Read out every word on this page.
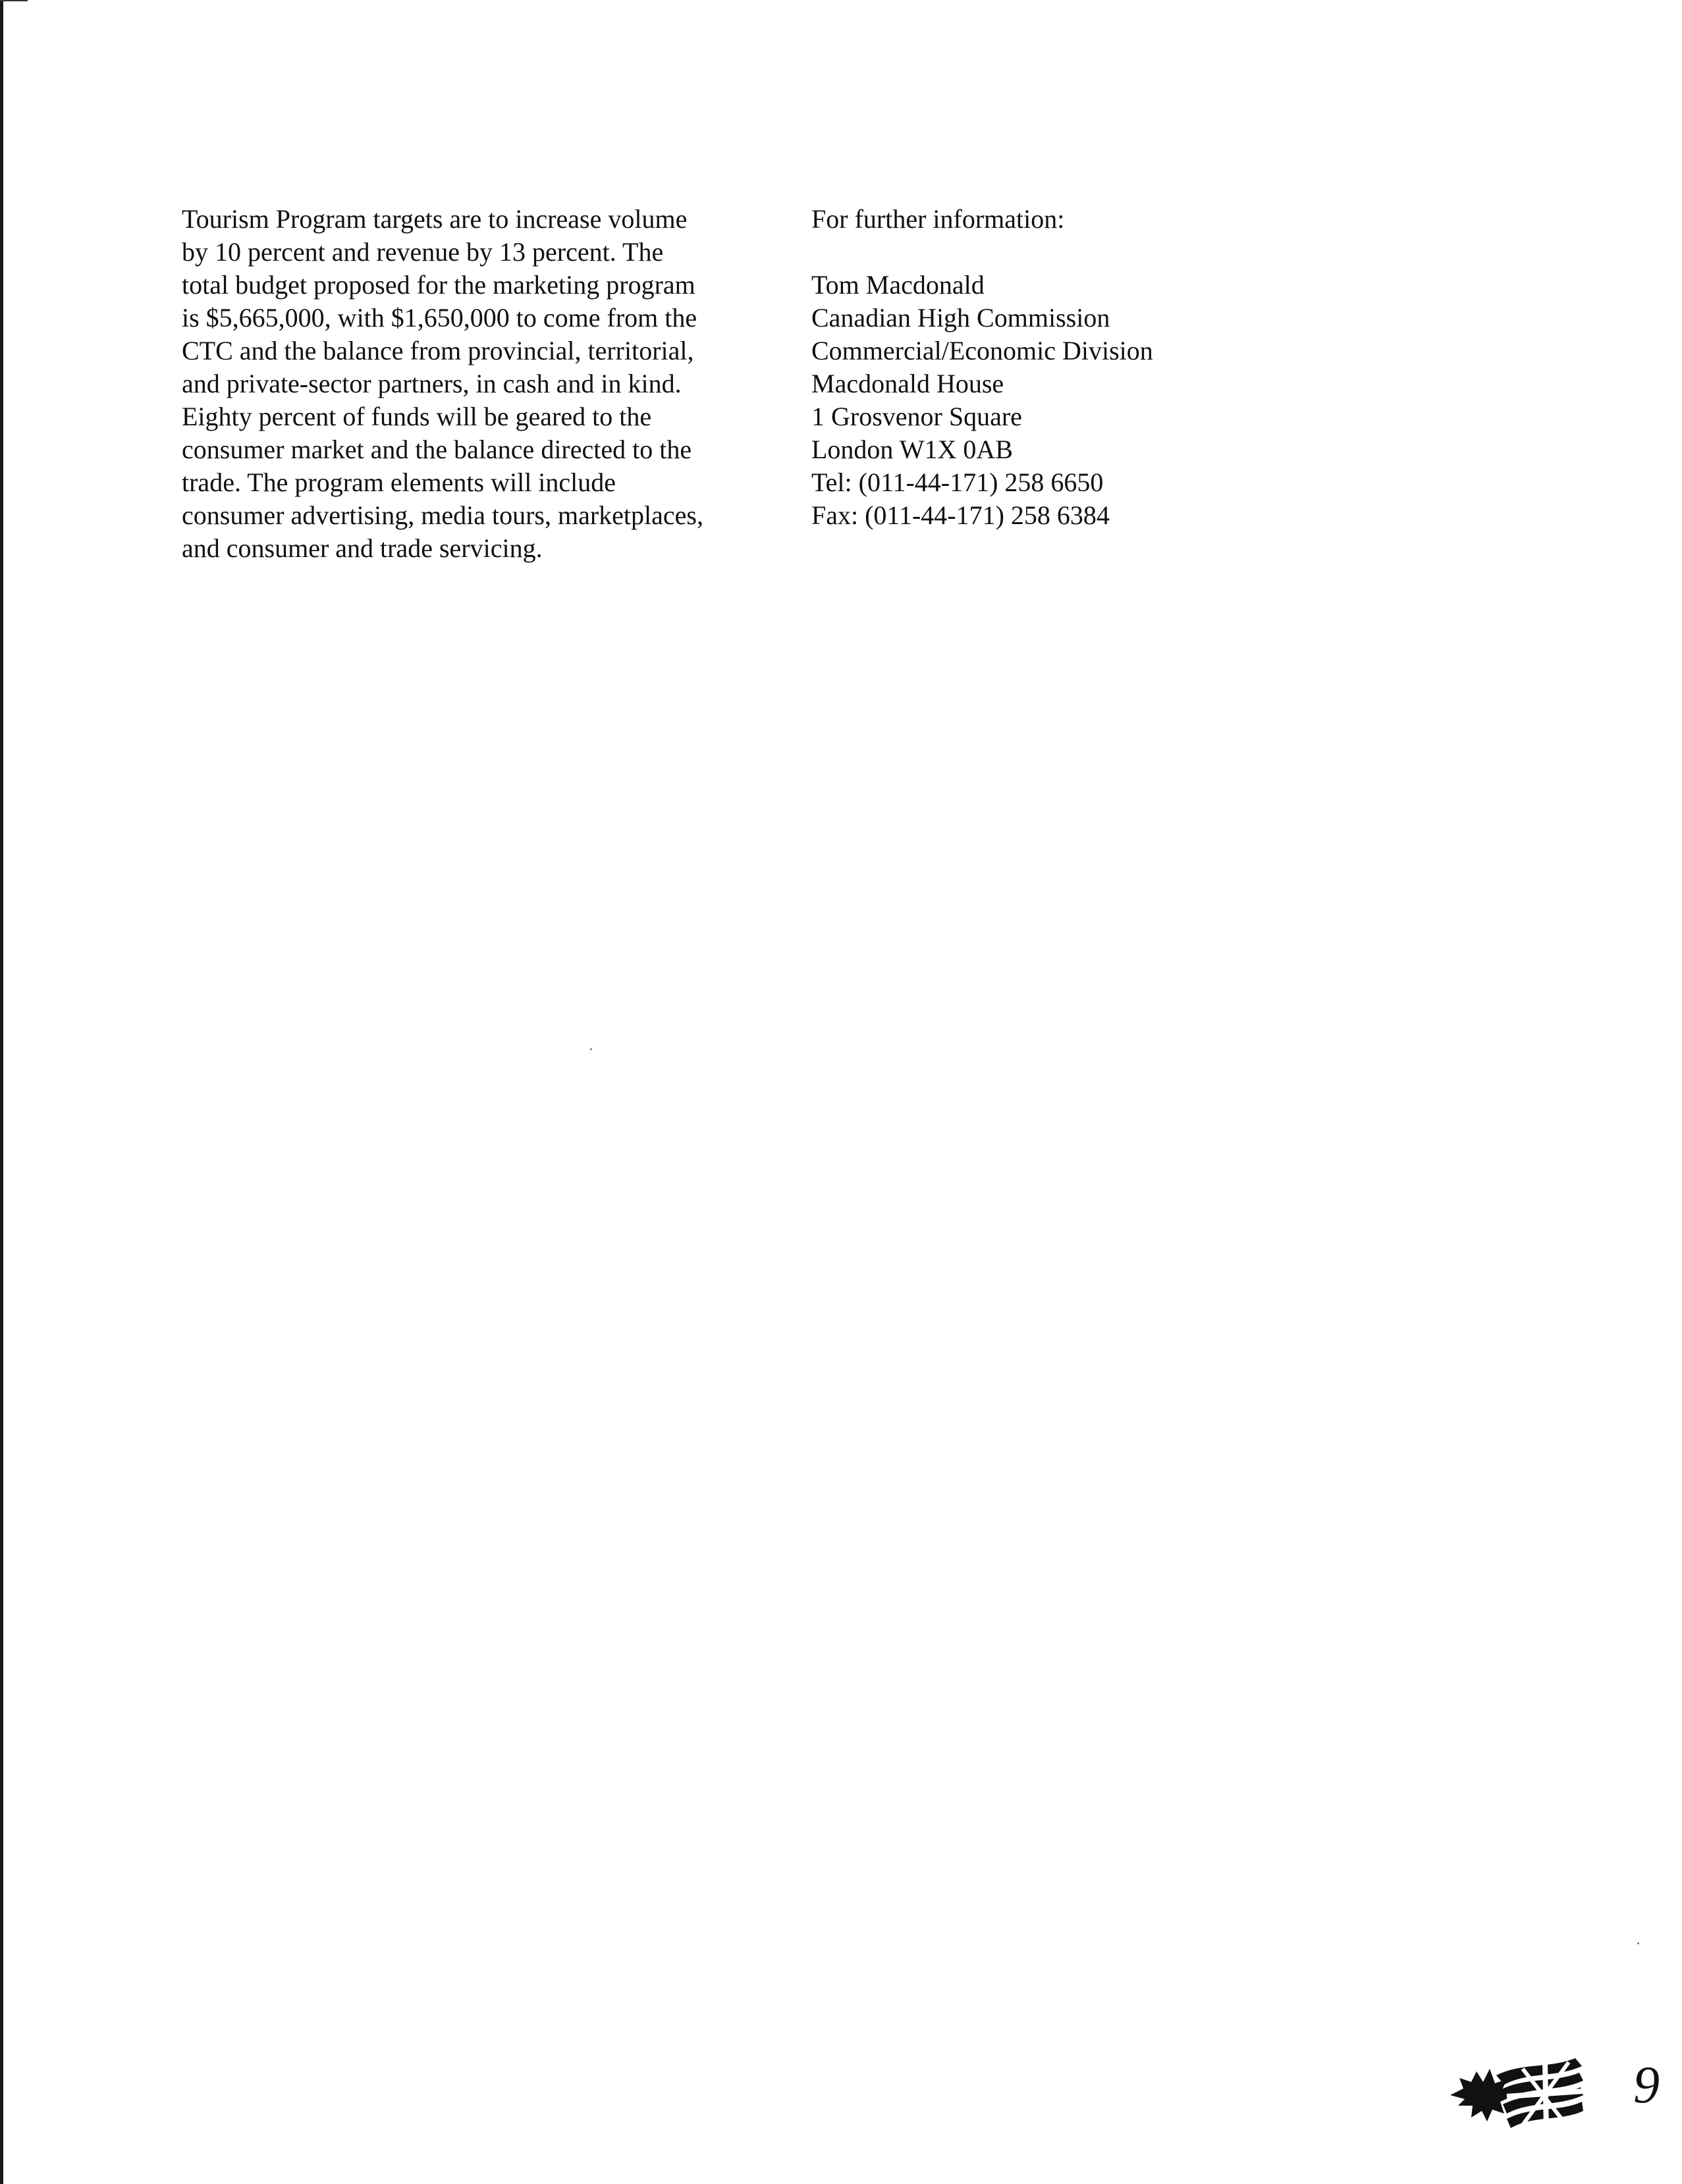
Tourism Program targets are to increase volume
by 10 percent and revenue by 13 percent. The
total budget proposed for the marketing program
is $5,665,000, with $1,650,000 to come from the
CTC and the balance from provincial, territorial,
and private-sector partners, in cash and in kind.
Eighty percent of funds will be geared to the
consumer market and the balance directed to the
trade. The program elements will include
consumer advertising, media tours, marketplaces,
and consumer and trade servicing.
For further information:
Tom Macdonald
Canadian High Commission
Commercial/Economic Division
Macdonald House
1 Grosvenor Square
London W1X 0AB
Tel: (011-44-171) 258 6650
Fax: (011-44-171) 258 6384
9
